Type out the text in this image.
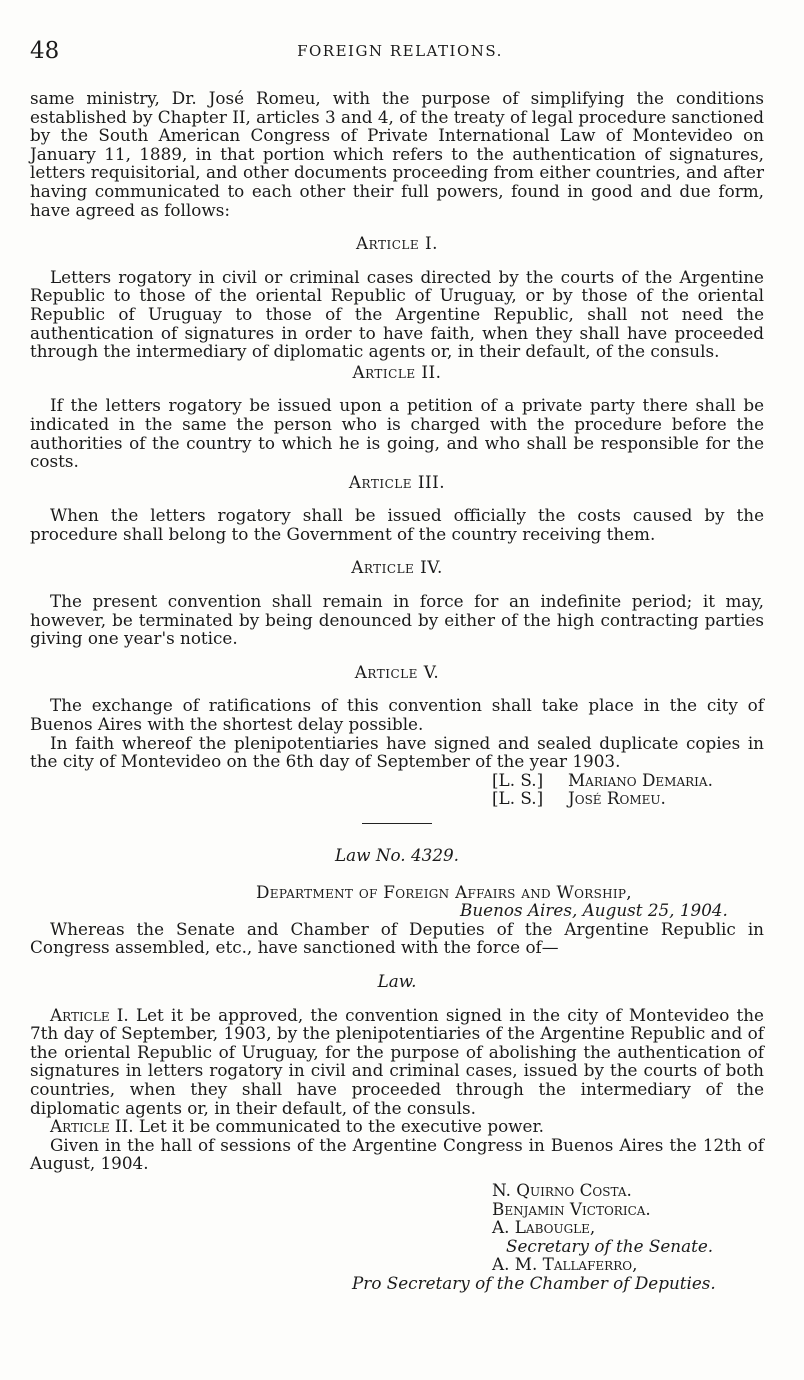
48	FOREIGN RELATIONS.

same ministry, Dr. José Romeu, with the purpose of simplifying the conditions established by Chapter II, articles 3 and 4, of the treaty of legal procedure sanctioned by the South American Congress of Private International Law of Montevideo on January 11, 1889, in that portion which refers to the authentication of signatures, letters requisitorial, and other documents proceeding from either countries, and after having communicated to each other their full powers, found in good and due form, have agreed as follows:

Article I.

Letters rogatory in civil or criminal cases directed by the courts of the Argentine Republic to those of the oriental Republic of Uruguay, or by those of the oriental Republic of Uruguay to those of the Argentine Republic, shall not need the authentication of signatures in order to have faith, when they shall have proceeded through the intermediary of diplomatic agents or, in their default, of the consuls.

Article II.

If the letters rogatory be issued upon a petition of a private party there shall be indicated in the same the person who is charged with the procedure before the authorities of the country to which he is going, and who shall be responsible for the costs.

Article III.

When the letters rogatory shall be issued officially the costs caused by the procedure shall belong to the Government of the country receiving them.

Article IV.

The present convention shall remain in force for an indefinite period; it may, however, be terminated by being denounced by either of the high contracting parties giving one year's notice.

Article V.

The exchange of ratifications of this convention shall take place in the city of Buenos Aires with the shortest delay possible.

In faith whereof the plenipotentiaries have signed and sealed duplicate copies in the city of Montevideo on the 6th day of September of the year 1903.

[L. S.]	Mariano Demaria.
[L. S.]	José Romeu.

Law No. 4329.

Department of Foreign Affairs and Worship,

Buenos Aires, August 25, 1904.

Whereas the Senate and Chamber of Deputies of the Argentine Republic in Congress assembled, etc., have sanctioned with the force of—

Law.

Article I. Let it be approved, the convention signed in the city of Montevideo the 7th day of September, 1903, by the plenipotentiaries of the Argentine Republic and of the oriental Republic of Uruguay, for the purpose of abolishing the authentication of signatures in letters rogatory in civil and criminal cases, issued by the courts of both countries, when they shall have proceeded through the intermediary of the diplomatic agents or, in their default, of the consuls.

Article II. Let it be communicated to the executive power.

Given in the hall of sessions of the Argentine Congress in Buenos Aires the 12th of August, 1904.

N. Quirno Costa.

Benjamin Victorica.

A. Labougle,

Secretary of the Senate.

A. M. Tallaferro,

Pro Secretary of the Chamber of Deputies.
